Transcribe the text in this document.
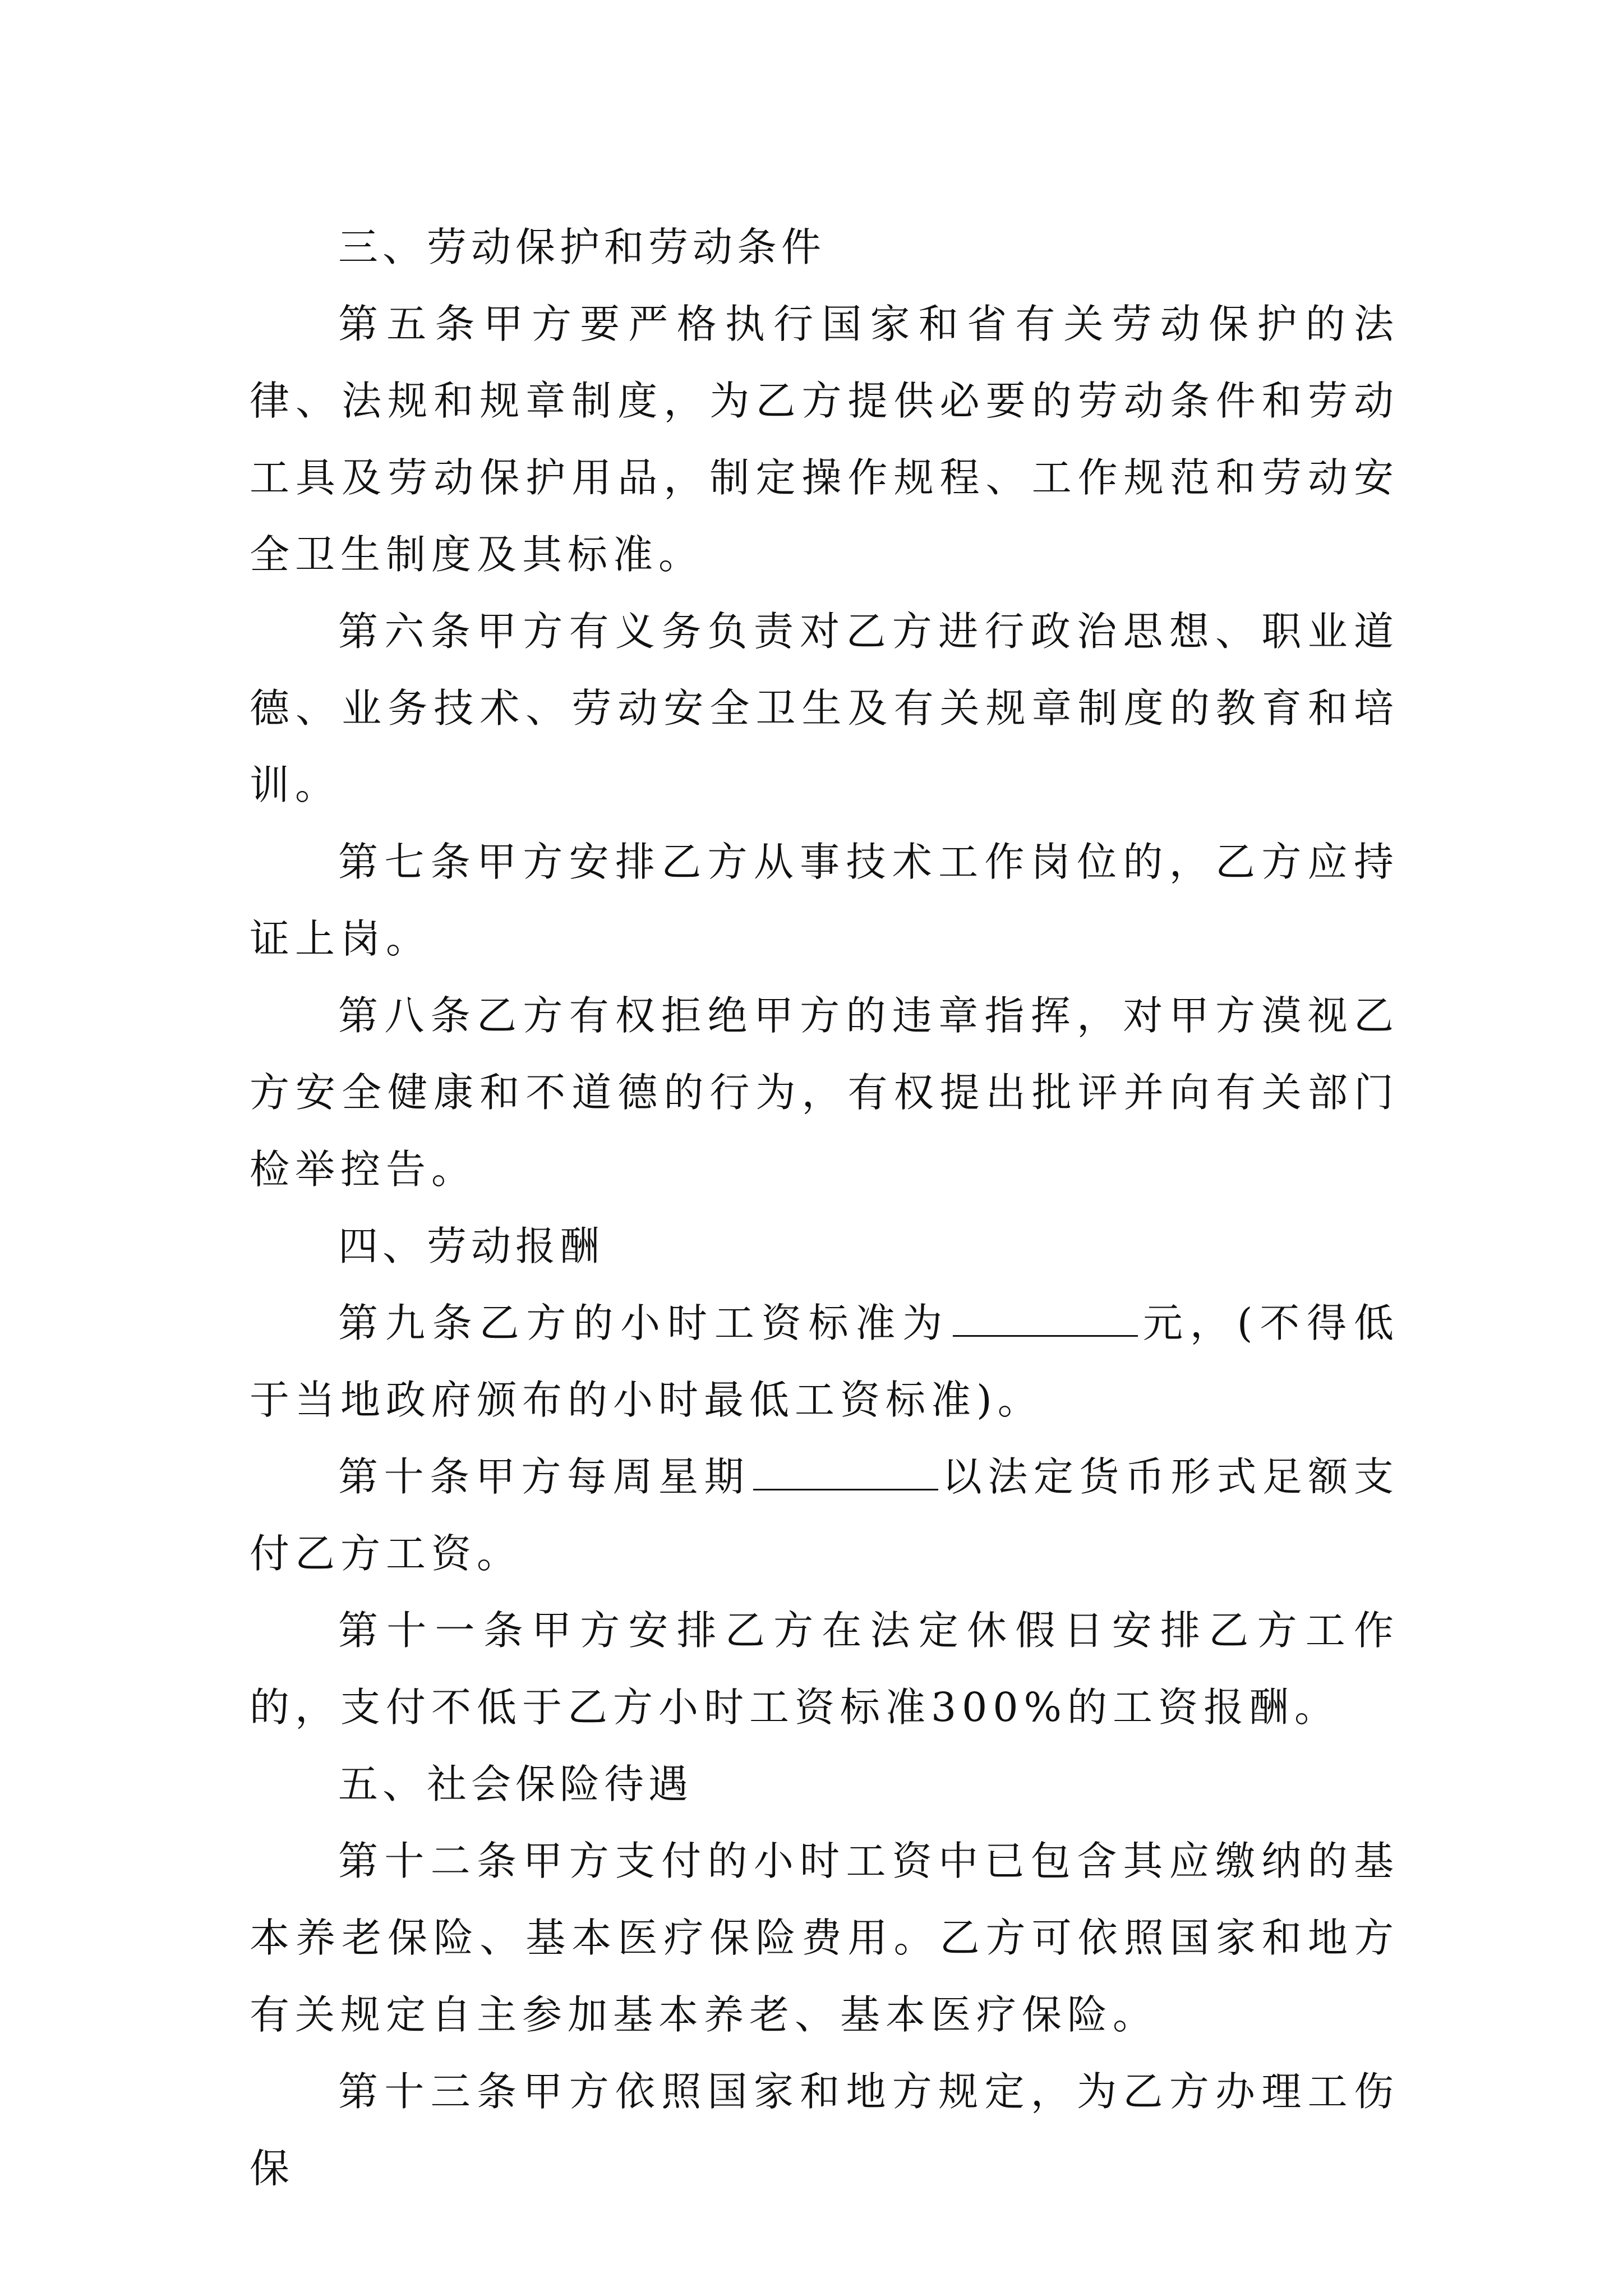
三、劳动保护和劳动条件

第五条甲方要严格执行国家和省有关劳动保护的法律、法规和规章制度，为乙方提供必要的劳动条件和劳动工具及劳动保护用品，制定操作规程、工作规范和劳动安全卫生制度及其标准。

第六条甲方有义务负责对乙方进行政治思想、职业道德、业务技术、劳动安全卫生及有关规章制度的教育和培训。

第七条甲方安排乙方从事技术工作岗位的，乙方应持证上岗。

第八条乙方有权拒绝甲方的违章指挥，对甲方漠视乙方安全健康和不道德的行为，有权提出批评并向有关部门检举控告。

四、劳动报酬

第九条乙方的小时工资标准为	元，(不得低于当地政府颁布的小时最低工资标准)。

第十条甲方每周星期	以法定货币形式足额支付乙方工资。

第十一条甲方安排乙方在法定休假日安排乙方工作的，支付不低于乙方小时工资标准300%的工资报酬。

五、社会保险待遇

第十二条甲方支付的小时工资中已包含其应缴纳的基本养老保险、基本医疗保险费用。乙方可依照国家和地方有关规定自主参加基本养老、基本医疗保险。

第十三条甲方依照国家和地方规定，为乙方办理工伤保
